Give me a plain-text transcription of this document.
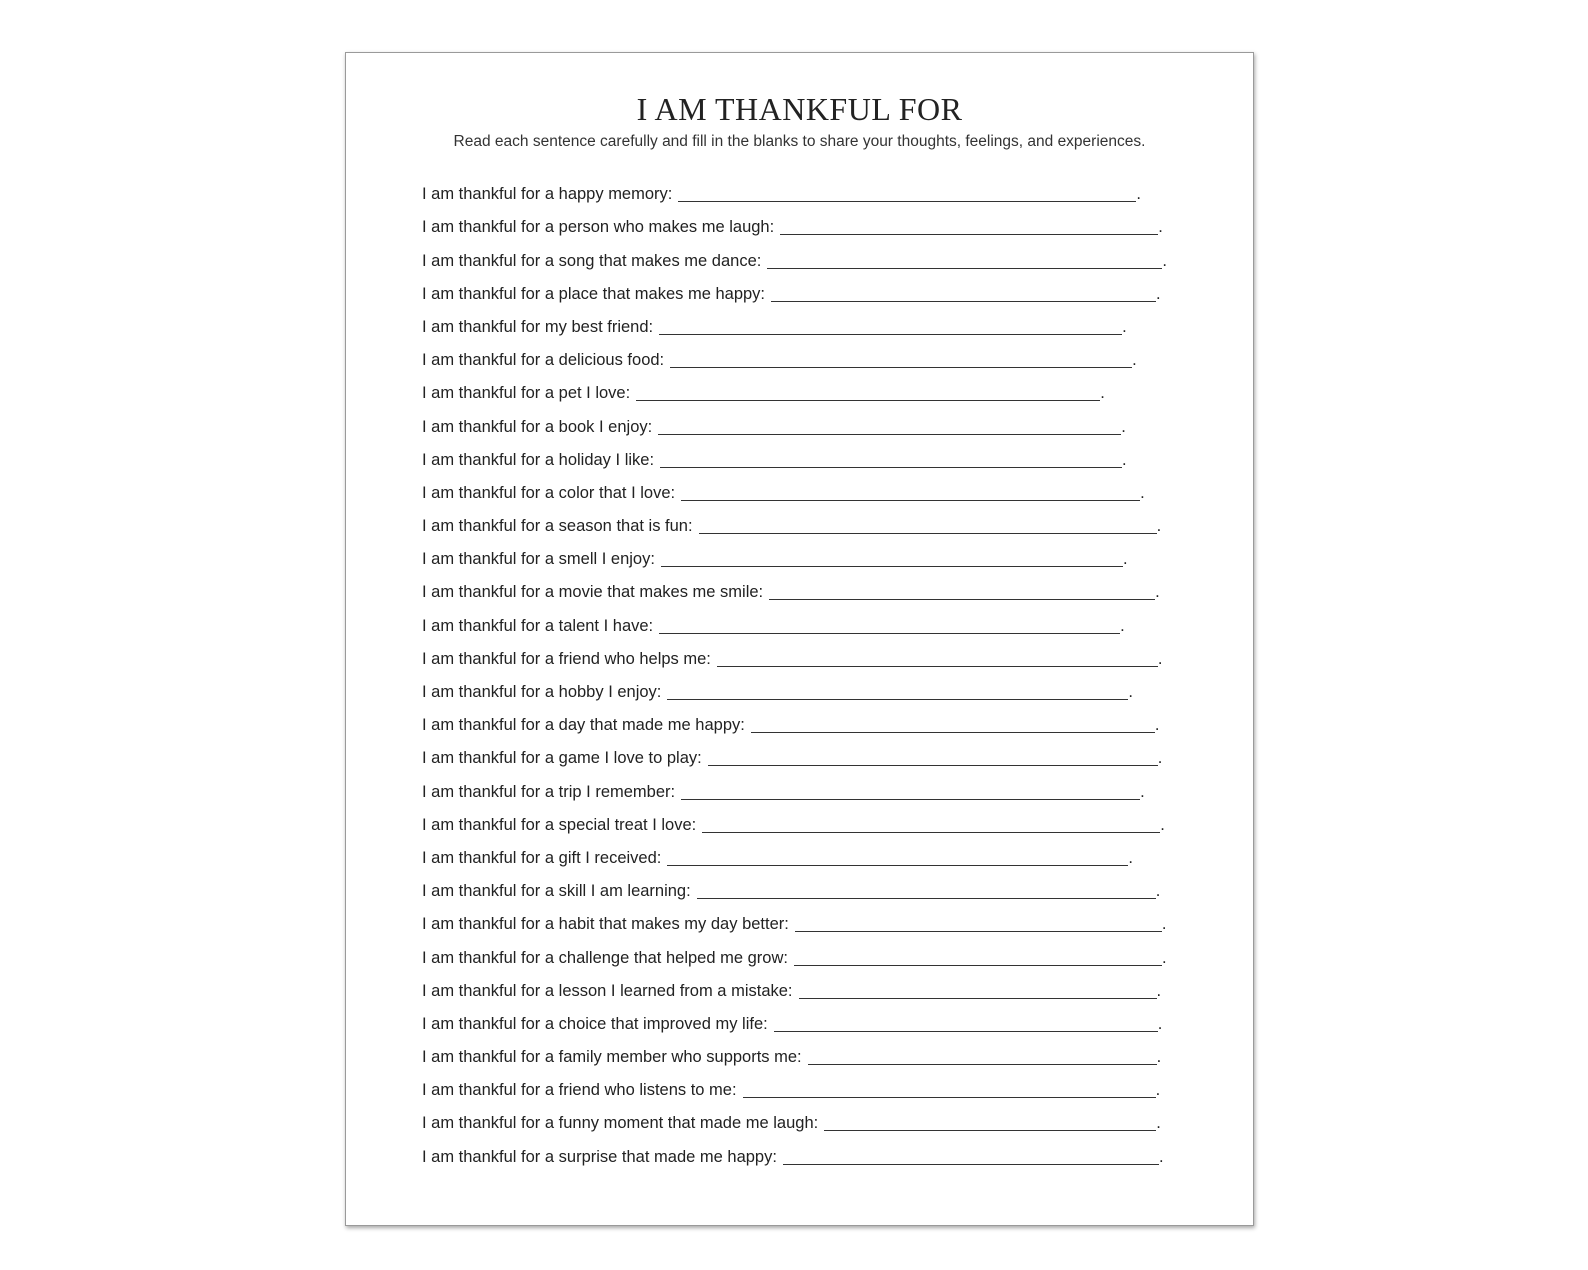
I AM THANKFUL FOR

Read each sentence carefully and fill in the blanks to share your thoughts, feelings, and experiences.

I am thankful for a happy memory:	.
I am thankful for a person who makes me laugh:	.
I am thankful for a song that makes me dance:	.
I am thankful for a place that makes me happy:	.
I am thankful for my best friend:	.
I am thankful for a delicious food:	.
I am thankful for a pet I love:	.
I am thankful for a book I enjoy:	.
I am thankful for a holiday I like:	.
I am thankful for a color that I love:	.
I am thankful for a season that is fun:	.
I am thankful for a smell I enjoy:	.
I am thankful for a movie that makes me smile:	.
I am thankful for a talent I have:	.
I am thankful for a friend who helps me:	.
I am thankful for a hobby I enjoy:	.
I am thankful for a day that made me happy:	.
I am thankful for a game I love to play:	.
I am thankful for a trip I remember:	.
I am thankful for a special treat I love:	.
I am thankful for a gift I received:	.
I am thankful for a skill I am learning:	.
I am thankful for a habit that makes my day better:	.
I am thankful for a challenge that helped me grow:	.
I am thankful for a lesson I learned from a mistake:	.
I am thankful for a choice that improved my life:	.
I am thankful for a family member who supports me:	.
I am thankful for a friend who listens to me:	.
I am thankful for a funny moment that made me laugh:	.
I am thankful for a surprise that made me happy:	.
